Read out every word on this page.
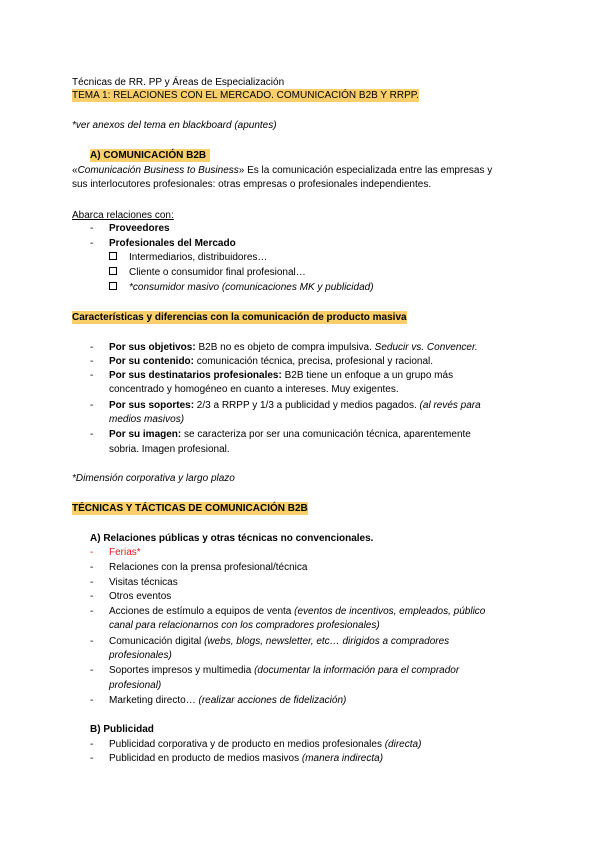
Técnicas de RR. PP y Áreas de Especialización
TEMA 1: RELACIONES CON EL MERCADO. COMUNICACIÓN B2B Y RRPP.
*ver anexos del tema en blackboard (apuntes)
A) COMUNICACIÓN B2B
«Comunicación Business to Business» Es la comunicación especializada entre las empresas y
sus interlocutores profesionales: otras empresas o profesionales independientes.
Abarca relaciones con:
- Proveedores
- Profesionales del Mercado
Intermediarios, distribuidores…
Cliente o consumidor final profesional…
*consumidor masivo (comunicaciones MK y publicidad)
Características y diferencias con la comunicación de producto masiva
- Por sus objetivos: B2B no es objeto de compra impulsiva. Seducir vs. Convencer.
- Por su contenido: comunicación técnica, precisa, profesional y racional.
- Por sus destinatarios profesionales: B2B tiene un enfoque a un grupo más
concentrado y homogéneo en cuanto a intereses. Muy exigentes.
- Por sus soportes: 2/3 a RRPP y 1/3 a publicidad y medios pagados. (al revés para
medios masivos)
- Por su imagen: se caracteriza por ser una comunicación técnica, aparentemente
sobria. Imagen profesional.
*Dimensión corporativa y largo plazo
TÉCNICAS Y TÁCTICAS DE COMUNICACIÓN B2B
A) Relaciones públicas y otras técnicas no convencionales.
- Ferias*
- Relaciones con la prensa profesional/técnica
- Visitas técnicas
- Otros eventos
- Acciones de estímulo a equipos de venta (eventos de incentivos, empleados, público
canal para relacionarnos con los compradores profesionales)
- Comunicación digital (webs, blogs, newsletter, etc… dirigidos a compradores
profesionales)
- Soportes impresos y multimedia (documentar la información para el comprador
profesional)
- Marketing directo… (realizar acciones de fidelización)
B) Publicidad
- Publicidad corporativa y de producto en medios profesionales (directa)
- Publicidad en producto de medios masivos (manera indirecta)
